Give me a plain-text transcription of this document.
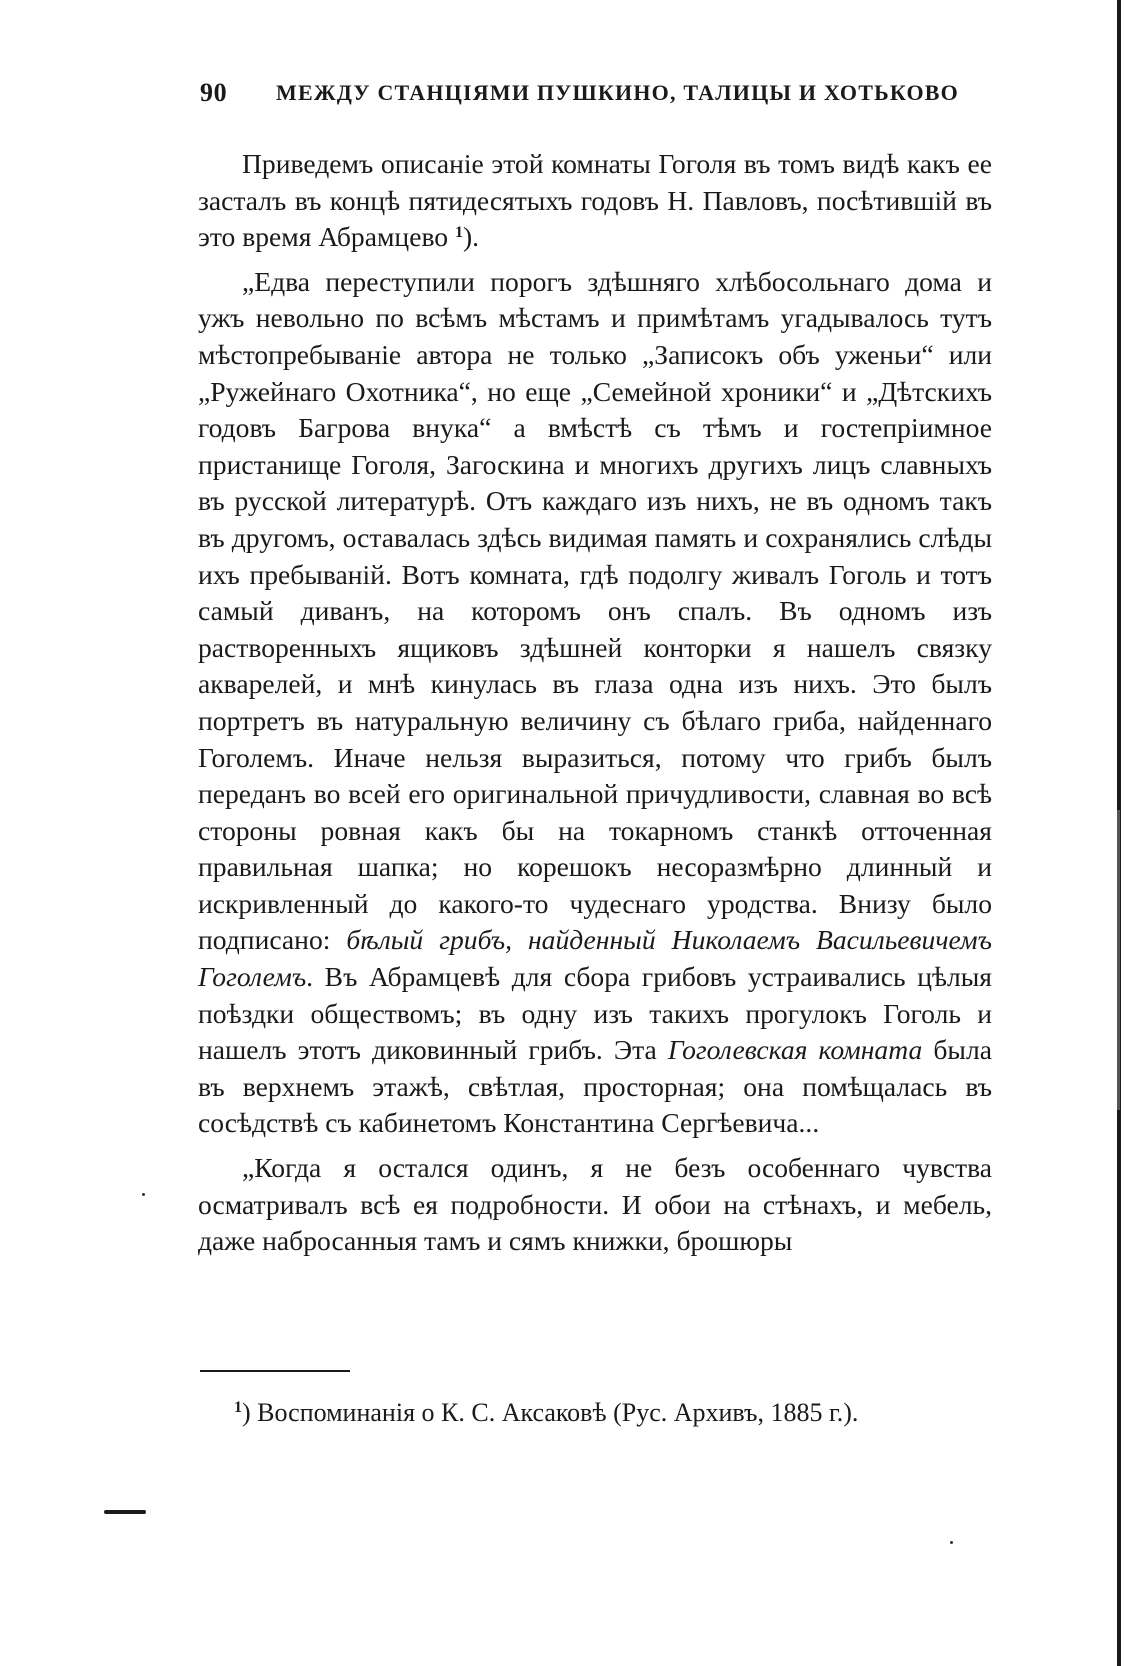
90 МЕЖДУ СТАНЦІЯМИ ПУШКИНО, ТАЛИЦЫ И ХОТЬКОВО

Приведемъ описаніе этой комнаты Гоголя въ томъ видѣ какъ ее засталъ въ концѣ пятидесятыхъ годовъ Н. Павловъ, посѣтившій въ это время Абрамцево $^1$).

„Едва переступили порогъ здѣшняго хлѣбосольнаго дома и ужъ невольно по всѣмъ мѣстамъ и примѣтамъ угадывалось тутъ мѣстопребываніе автора не только „Записокъ объ уженьи“ или „Ружейнаго Охотника“, но еще „Семейной хроники“ и „Дѣтскихъ годовъ Багрова внука“ а вмѣстѣ съ тѣмъ и гостепріимное пристанище Гоголя, Загоскина и многихъ другихъ лицъ славныхъ въ русской литературѣ. Отъ каждаго изъ нихъ, не въ одномъ такъ въ другомъ, оставалась здѣсь видимая память и сохранялись слѣды ихъ пребываній. Вотъ комната, гдѣ подолгу живалъ Гоголь и тотъ самый диванъ, на которомъ онъ спалъ. Въ одномъ изъ растворенныхъ ящиковъ здѣшней конторки я нашелъ связку акварелей, и мнѣ кинулась въ глаза одна изъ нихъ. Это былъ портретъ въ натуральную величину съ бѣлаго гриба, найденнаго Гоголемъ. Иначе нельзя выразиться, потому что грибъ былъ переданъ во всей его оригинальной причудливости, славная во всѣ стороны ровная какъ бы на токарномъ станкѣ отточенная правильная шапка; но корешокъ несоразмѣрно длинный и искривленный до какого-то чудеснаго уродства. Внизу было подписано: бѣлый грибъ, найденный Николаемъ Васильевичемъ Гоголемъ. Въ Абрамцевѣ для сбора грибовъ устраивались цѣлыя поѣздки обществомъ; въ одну изъ такихъ прогулокъ Гоголь и нашелъ этотъ диковинный грибъ. Эта Гоголевская комната была въ верхнемъ этажѣ, свѣтлая, просторная; она помѣщалась въ сосѣдствѣ съ кабинетомъ Константина Сергѣевича...

„Когда я остался одинъ, я не безъ особеннаго чувства осматривалъ всѣ ея подробности. И обои на стѣнахъ, и мебель, даже набросанныя тамъ и сямъ книжки, брошюры

$^1$) Воспоминанія о К. С. Аксаковѣ (Рус. Архивъ, 1885 г.).
